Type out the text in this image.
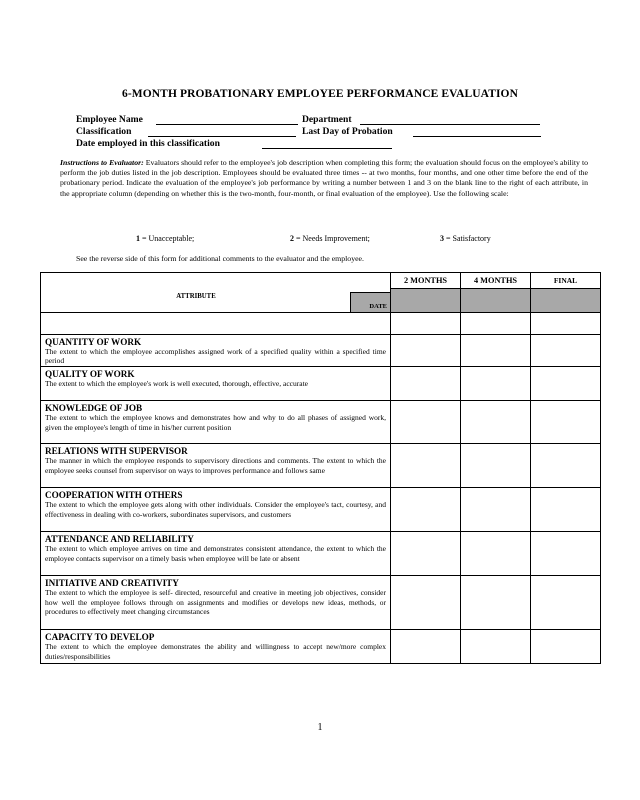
6-MONTH PROBATIONARY EMPLOYEE PERFORMANCE EVALUATION
Employee Name	Department
Classification	Last Day of Probation
Date employed in this classification
Instructions to Evaluator: Evaluators should refer to the employee's job description when completing this form; the evaluation should focus on the employee's ability to perform the job duties listed in the job description. Employees should be evaluated three times -- at two months, four months, and one other time before the end of the probationary period. Indicate the evaluation of the employee's job performance by writing a number between 1 and 3 on the blank line to the right of each attribute, in the appropriate column (depending on whether this is the two-month, four-month, or final evaluation of the employee). Use the following scale:
1 = Unacceptable;	2 = Needs Improvement;	3 = Satisfactory
See the reverse side of this form for additional comments to the evaluator and the employee.
ATTRIBUTE
DATE	2 MONTHS	4 MONTHS	FINAL

QUANTITY OF WORK
The extent to which the employee accomplishes assigned work of a specified quality within a specified time period			

QUALITY OF WORK
The extent to which the employee's work is well executed, thorough, effective, accurate			

KNOWLEDGE OF JOB
The extent to which the employee knows and demonstrates how and why to do all phases of assigned work, given the employee's length of time in his/her current position			

RELATIONS WITH SUPERVISOR
The manner in which the employee responds to supervisory directions and comments. The extent to which the employee seeks counsel from supervisor on ways to improves performance and follows same			

COOPERATION WITH OTHERS
The extent to which the employee gets along with other individuals. Consider the employee's tact, courtesy, and effectiveness in dealing with co-workers, subordinates supervisors, and customers			

ATTENDANCE AND RELIABILITY
The extent to which employee arrives on time and demonstrates consistent attendance, the extent to which the employee contacts supervisor on a timely basis when employee will be late or absent			

INITIATIVE AND CREATIVITY
The extent to which the employee is self- directed, resourceful and creative in meeting job objectives, consider how well the employee follows through on assignments and modifies or develops new ideas, methods, or procedures to effectively meet changing circumstances			

CAPACITY TO DEVELOP
The extent to which the employee demonstrates the ability and willingness to accept new/more complex duties/responsibilities			

1
